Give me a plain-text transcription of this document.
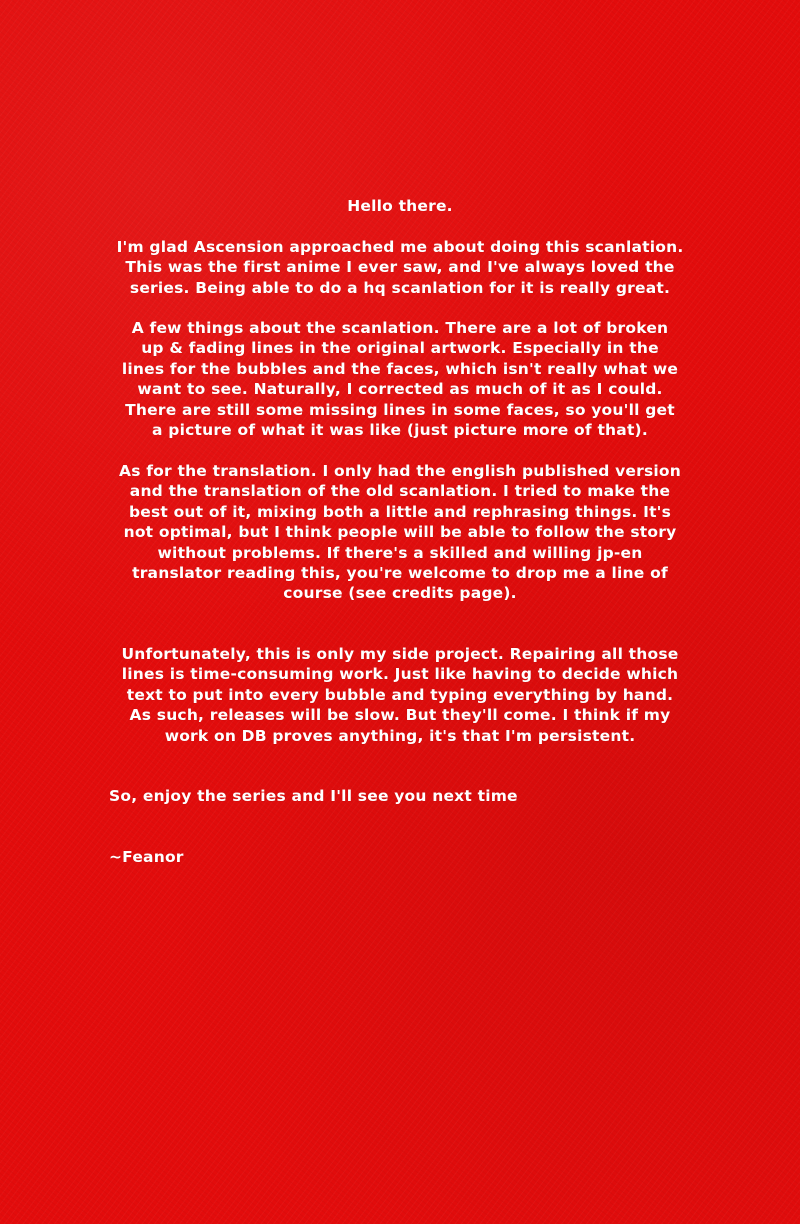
Hello there.

I'm glad Ascension approached me about doing this scanlation.
This was the first anime I ever saw, and I've always loved the
series. Being able to do a hq scanlation for it is really great.

A few things about the scanlation. There are a lot of broken
up & fading lines in the original artwork. Especially in the
lines for the bubbles and the faces, which isn't really what we
want to see. Naturally, I corrected as much of it as I could.
There are still some missing lines in some faces, so you'll get
a picture of what it was like (just picture more of that).

As for the translation. I only had the english published version
and the translation of the old scanlation. I tried to make the
best out of it, mixing both a little and rephrasing things. It's
not optimal, but I think people will be able to follow the story
without problems. If there's a skilled and willing jp-en
translator reading this, you're welcome to drop me a line of
course (see credits page).

Unfortunately, this is only my side project. Repairing all those
lines is time-consuming work. Just like having to decide which
text to put into every bubble and typing everything by hand.
As such, releases will be slow. But they'll come. I think if my
work on DB proves anything, it's that I'm persistent.

So, enjoy the series and I'll see you next time

~Feanor
